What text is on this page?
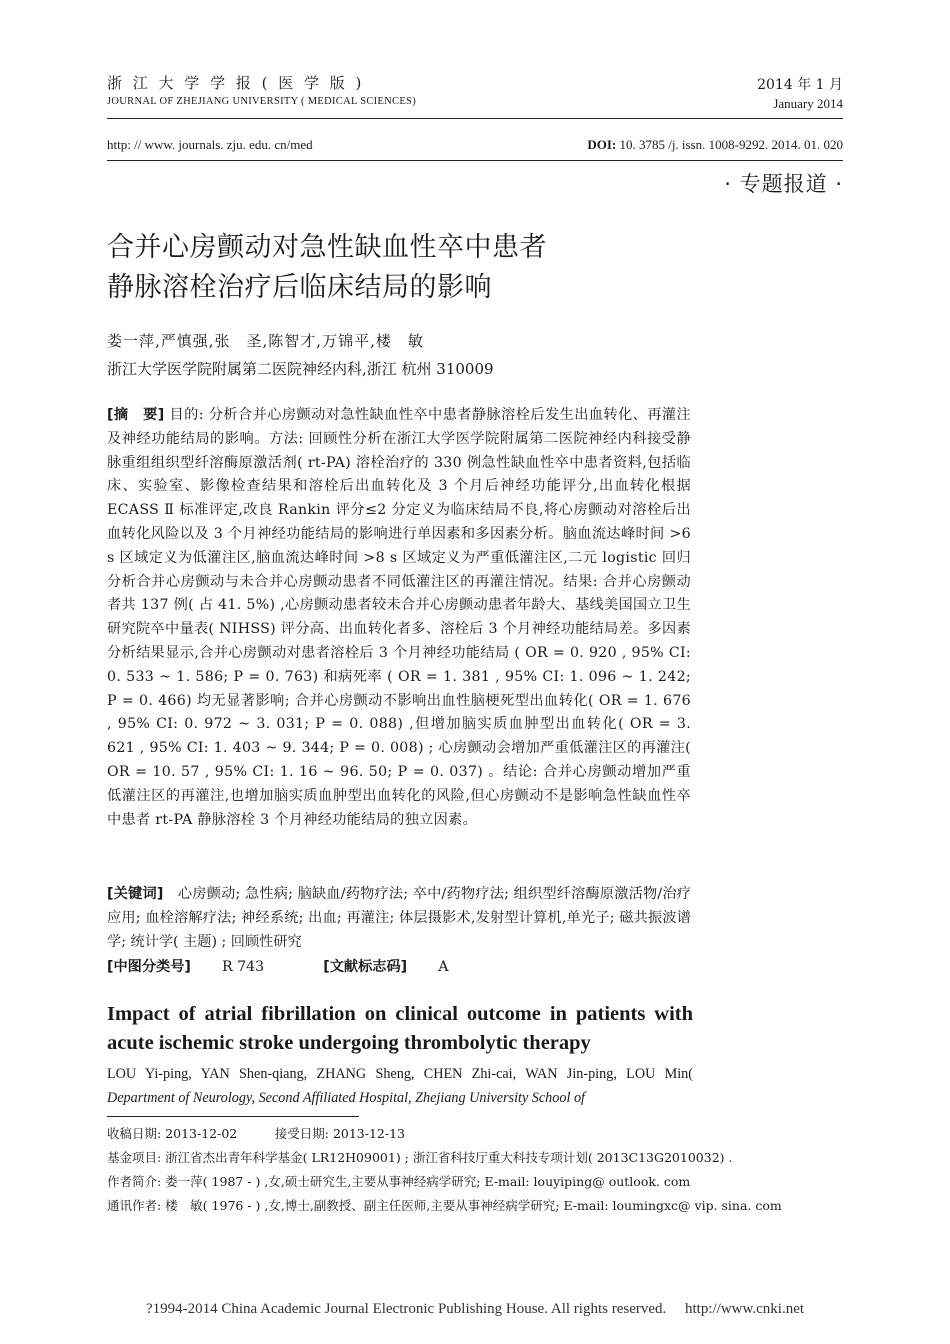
浙 江 大 学 学 报 ( 医 学 版 )
JOURNAL OF ZHEJIANG UNIVERSITY ( MEDICAL SCIENCES)
2014 年 1 月
January 2014
http: // www. journals. zju. edu. cn/med	DOI: 10. 3785 /j. issn. 1008-9292. 2014. 01. 020
· 专题报道 ·
合并心房颤动对急性缺血性卒中患者
静脉溶栓治疗后临床结局的影响
娄一萍,严慎强,张　圣,陈智才,万锦平,楼　敏
浙江大学医学院附属第二医院神经内科,浙江 杭州 310009

[摘　要] 目的: 分析合并心房颤动对急性缺血性卒中患者静脉溶栓后发生出血转化、再灌注及神经功能结局的影响。方法: 回顾性分析在浙江大学医学院附属第二医院神经内科接受静脉重组组织型纤溶酶原激活剂( rt-PA) 溶栓治疗的 330 例急性缺血性卒中患者资料,包括临床、实验室、影像检查结果和溶栓后出血转化及 3 个月后神经功能评分,出血转化根据 ECASS Ⅱ 标准评定,改良 Rankin 评分≤2 分定义为临床结局不良,将心房颤动对溶栓后出血转化风险以及 3 个月神经功能结局的影响进行单因素和多因素分析。脑血流达峰时间 >6 s 区域定义为低灌注区,脑血流达峰时间 >8 s 区域定义为严重低灌注区,二元 logistic 回归分析合并心房颤动与未合并心房颤动患者不同低灌注区的再灌注情况。结果: 合并心房颤动者共 137 例( 占 41. 5%) ,心房颤动患者较未合并心房颤动患者年龄大、基线美国国立卫生研究院卒中量表( NIHSS) 评分高、出血转化者多、溶栓后 3 个月神经功能结局差。多因素分析结果显示,合并心房颤动对患者溶栓后 3 个月神经功能结局 ( OR = 0. 920 , 95% CI: 0. 533 ~ 1. 586; P = 0. 763) 和病死率 ( OR = 1. 381 , 95% CI: 1. 096 ~ 1. 242; P = 0. 466) 均无显著影响; 合并心房颤动不影响出血性脑梗死型出血转化( OR = 1. 676 , 95% CI: 0. 972 ~ 3. 031; P = 0. 088) ,但增加脑实质血肿型出血转化( OR = 3. 621 , 95% CI: 1. 403 ~ 9. 344; P = 0. 008) ; 心房颤动会增加严重低灌注区的再灌注( OR = 10. 57 , 95% CI: 1. 16 ~ 96. 50; P = 0. 037) 。结论: 合并心房颤动增加严重低灌注区的再灌注,也增加脑实质血肿型出血转化的风险,但心房颤动不是影响急性缺血性卒中患者 rt-PA 静脉溶栓 3 个月神经功能结局的独立因素。

[关键词]　心房颤动; 急性病; 脑缺血/药物疗法; 卒中/药物疗法; 组织型纤溶酶原激活物/治疗应用; 血栓溶解疗法; 神经系统; 出血; 再灌注; 体层摄影术,发射型计算机,单光子; 磁共振波谱学; 统计学( 主题) ; 回顾性研究
[中图分类号] R 743	[文献标志码] A
Impact of atrial fibrillation on clinical outcome in patients with acute ischemic stroke undergoing thrombolytic therapy
LOU Yi-ping, YAN Shen-qiang, ZHANG Sheng, CHEN Zhi-cai, WAN Jin-ping, LOU Min( Department of Neurology, Second Affiliated Hospital, Zhejiang University School of
收稿日期: 2013-12-02　　　接受日期: 2013-12-13
基金项目: 浙江省杰出青年科学基金( LR12H09001) ; 浙江省科技厅重大科技专项计划( 2013C13G2010032) .
作者简介: 娄一萍( 1987 - ) ,女,硕士研究生,主要从事神经病学研究; E-mail: louyiping@ outlook. com
通讯作者: 楼　敏( 1976 - ) ,女,博士,副教授、副主任医师,主要从事神经病学研究; E-mail: loumingxc@ vip. sina. com
?1994-2014 China Academic Journal Electronic Publishing House. All rights reserved.　 http://www.cnki.net
